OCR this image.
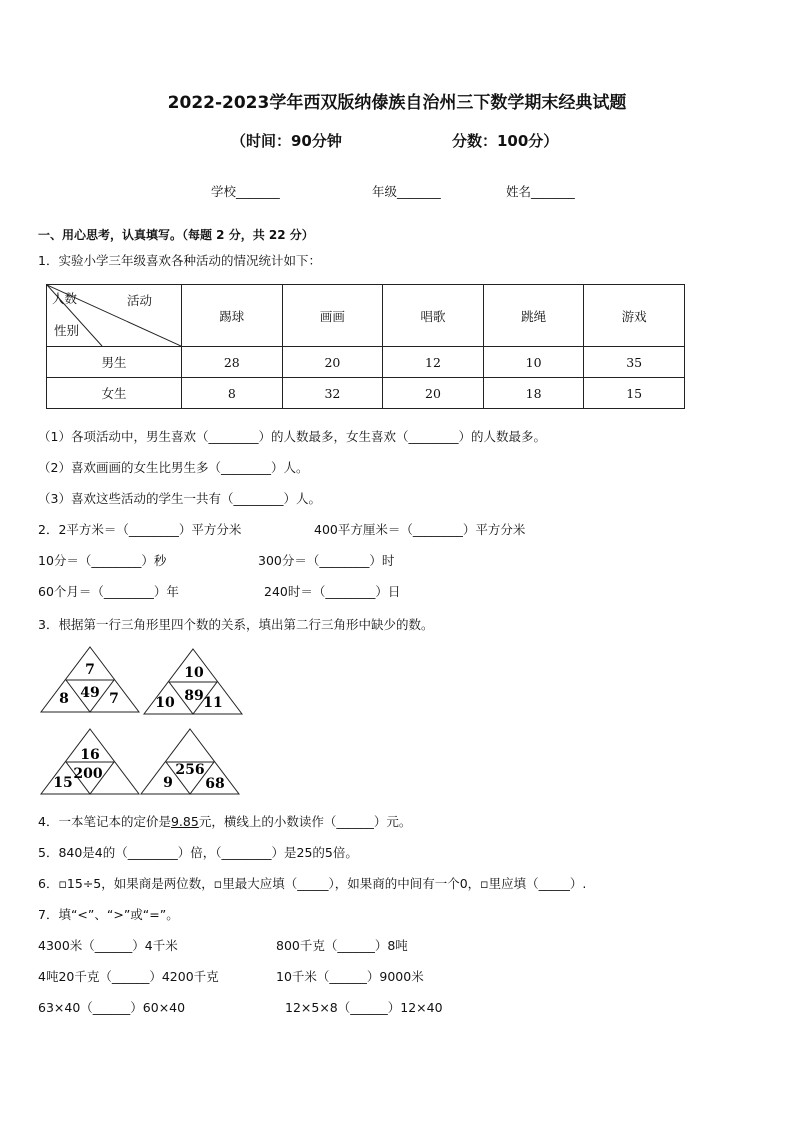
2022-2023学年西双版纳傣族自治州三下数学期末经典试题
（时间：90分钟	分数：100分）
学校_______	年级_______	姓名_______
一、用心思考，认真填写。（每题 2 分，共 22 分）
1．实验小学三年级喜欢各种活动的情况统计如下：
人数 活动
性别	踢球	画画	唱歌	跳绳	游戏
男生	28	20	12	10	35
女生	8	32	20	18	15
（1）各项活动中，男生喜欢（________）的人数最多，女生喜欢（________）的人数最多。
（2）喜欢画画的女生比男生多（________）人。
（3）喜欢这些活动的学生一共有（________）人。
2．2平方米＝（________）平方分米	400平方厘米＝（________）平方分米
10分＝（________）秒	300分＝（________）时
60个月＝（________）年	240时＝（________）日
3．根据第一行三角形里四个数的关系，填出第二行三角形中缺少的数。
7
8 49 7
10
10 89 11
16
15
200
9
256
68
4．一本笔记本的定价是9.85元，横线上的小数读作（______）元。
5．840是4的（________）倍，（________）是25的5倍。
6．▫15÷5，如果商是两位数，▫里最大应填（_____），如果商的中间有一个0，▫里应填（_____）.
7．填“<”、“>”或“=”。
4300米（______）4千米	800千克（______）8吨
4吨20千克（______）4200千克	10千米（______）9000米
63×40（______）60×40	12×5×8（______）12×40
